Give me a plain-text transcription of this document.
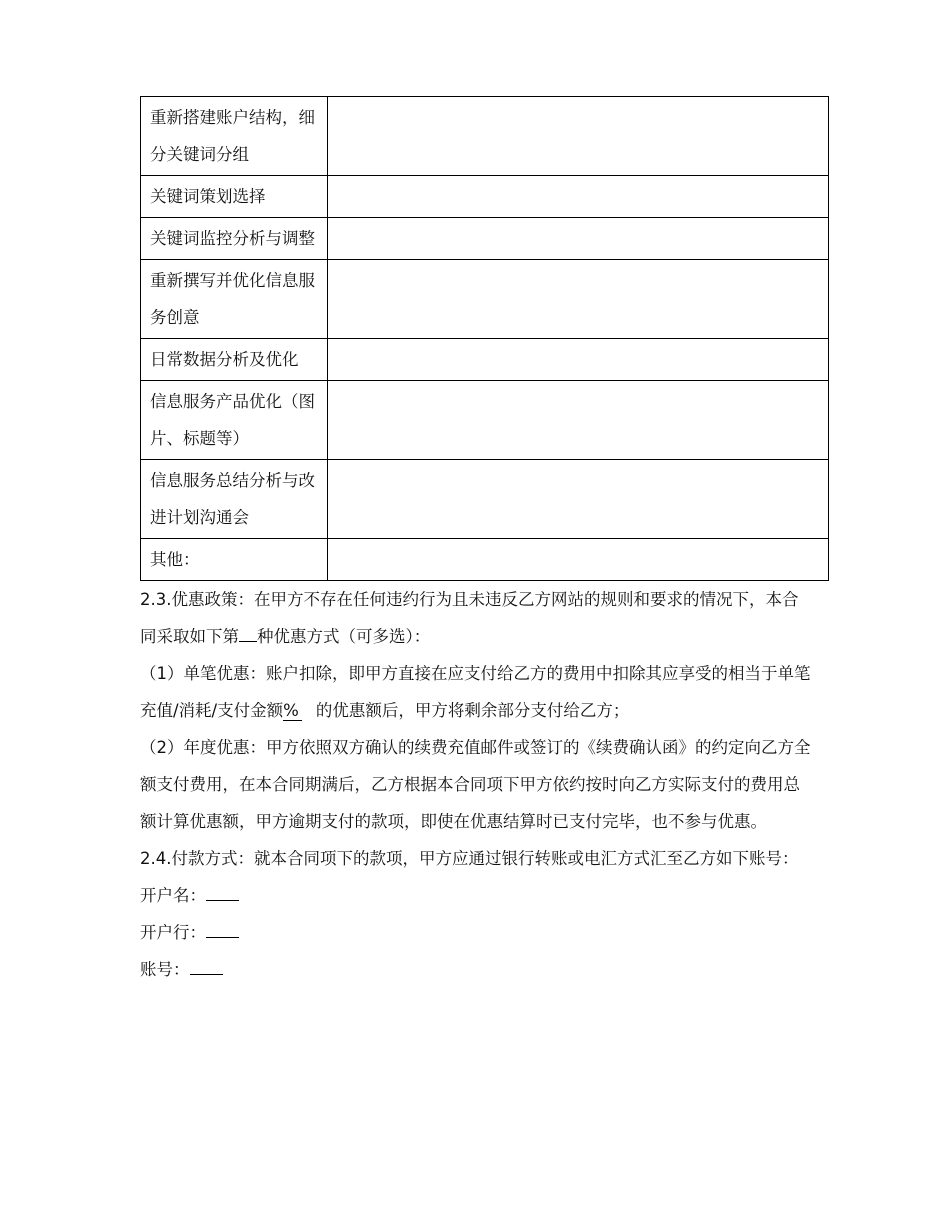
重新搭建账户结构，细分关键词分组	
关键词策划选择	
关键词监控分析与调整	
重新撰写并优化信息服务创意	
日常数据分析及优化	
信息服务产品优化（图片、标题等）	
信息服务总结分析与改进计划沟通会	
其他：	

2.3.优惠政策：在甲方不存在任何违约行为且未违反乙方网站的规则和要求的情况下，本合同采取如下第 种优惠方式（可多选）：

（1）单笔优惠：账户扣除，即甲方直接在应支付给乙方的费用中扣除其应享受的相当于单笔充值/消耗/支付金额% 的优惠额后，甲方将剩余部分支付给乙方；

（2）年度优惠：甲方依照双方确认的续费充值邮件或签订的《续费确认函》的约定向乙方全额支付费用，在本合同期满后，乙方根据本合同项下甲方依约按时向乙方实际支付的费用总额计算优惠额，甲方逾期支付的款项，即使在优惠结算时已支付完毕，也不参与优惠。

2.4.付款方式：就本合同项下的款项，甲方应通过银行转账或电汇方式汇至乙方如下账号：

开户名：

开户行：

账号：
